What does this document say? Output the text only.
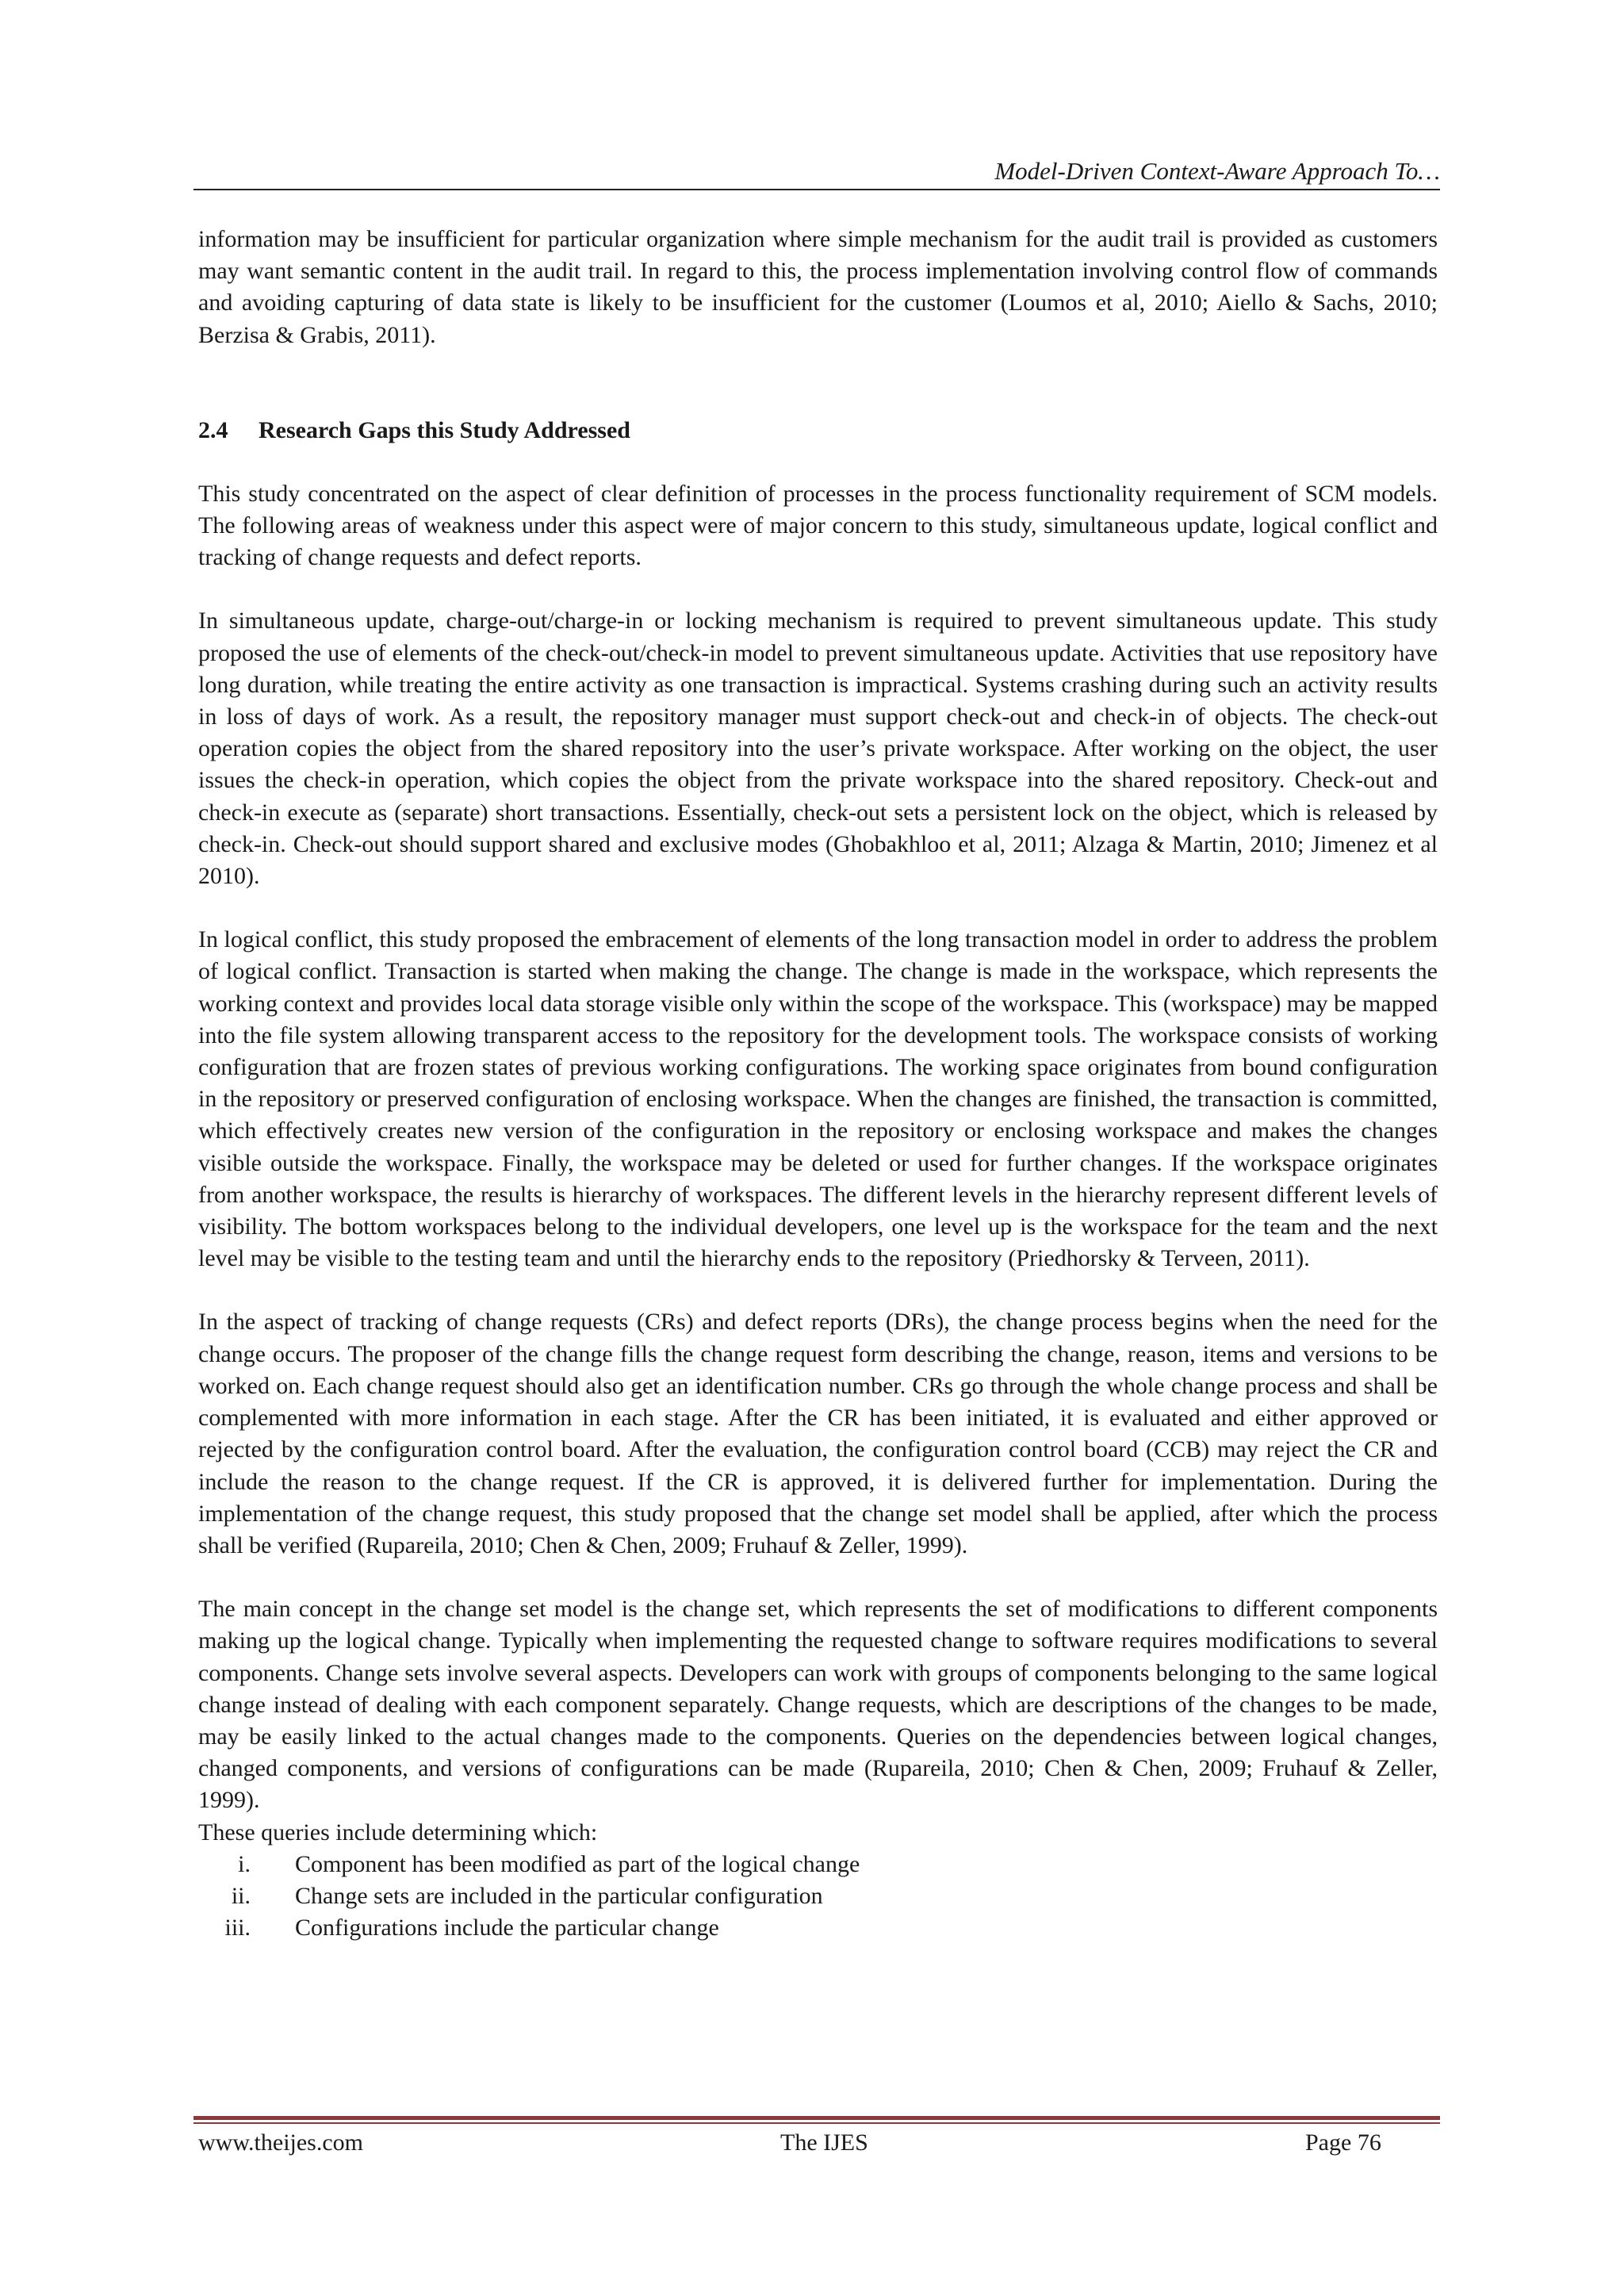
Model-Driven Context-Aware Approach To…

information may be insufficient for particular organization where simple mechanism for the audit trail is provided as customers may want semantic content in the audit trail. In regard to this, the process implementation involving control flow of commands and avoiding capturing of data state is likely to be insufficient for the customer (Loumos et al, 2010; Aiello & Sachs, 2010; Berzisa & Grabis, 2011).

2.4 Research Gaps this Study Addressed

This study concentrated on the aspect of clear definition of processes in the process functionality requirement of SCM models. The following areas of weakness under this aspect were of major concern to this study, simultaneous update, logical conflict and tracking of change requests and defect reports.

In simultaneous update, charge-out/charge-in or locking mechanism is required to prevent simultaneous update. This study proposed the use of elements of the check-out/check-in model to prevent simultaneous update. Activities that use repository have long duration, while treating the entire activity as one transaction is impractical. Systems crashing during such an activity results in loss of days of work. As a result, the repository manager must support check-out and check-in of objects. The check-out operation copies the object from the shared repository into the user’s private workspace. After working on the object, the user issues the check-in operation, which copies the object from the private workspace into the shared repository. Check-out and check-in execute as (separate) short transactions. Essentially, check-out sets a persistent lock on the object, which is released by check-in. Check-out should support shared and exclusive modes (Ghobakhloo et al, 2011; Alzaga & Martin, 2010; Jimenez et al 2010).

In logical conflict, this study proposed the embracement of elements of the long transaction model in order to address the problem of logical conflict. Transaction is started when making the change. The change is made in the workspace, which represents the working context and provides local data storage visible only within the scope of the workspace. This (workspace) may be mapped into the file system allowing transparent access to the repository for the development tools. The workspace consists of working configuration that are frozen states of previous working configurations. The working space originates from bound configuration in the repository or preserved configuration of enclosing workspace. When the changes are finished, the transaction is committed, which effectively creates new version of the configuration in the repository or enclosing workspace and makes the changes visible outside the workspace. Finally, the workspace may be deleted or used for further changes. If the workspace originates from another workspace, the results is hierarchy of workspaces. The different levels in the hierarchy represent different levels of visibility. The bottom workspaces belong to the individual developers, one level up is the workspace for the team and the next level may be visible to the testing team and until the hierarchy ends to the repository (Priedhorsky & Terveen, 2011).

In the aspect of tracking of change requests (CRs) and defect reports (DRs), the change process begins when the need for the change occurs. The proposer of the change fills the change request form describing the change, reason, items and versions to be worked on. Each change request should also get an identification number. CRs go through the whole change process and shall be complemented with more information in each stage. After the CR has been initiated, it is evaluated and either approved or rejected by the configuration control board. After the evaluation, the configuration control board (CCB) may reject the CR and include the reason to the change request. If the CR is approved, it is delivered further for implementation. During the implementation of the change request, this study proposed that the change set model shall be applied, after which the process shall be verified (Rupareila, 2010; Chen & Chen, 2009; Fruhauf & Zeller, 1999).

The main concept in the change set model is the change set, which represents the set of modifications to different components making up the logical change. Typically when implementing the requested change to software requires modifications to several components. Change sets involve several aspects. Developers can work with groups of components belonging to the same logical change instead of dealing with each component separately. Change requests, which are descriptions of the changes to be made, may be easily linked to the actual changes made to the components. Queries on the dependencies between logical changes, changed components, and versions of configurations can be made (Rupareila, 2010; Chen & Chen, 2009; Fruhauf & Zeller, 1999).

These queries include determining which:

i. Component has been modified as part of the logical change
ii. Change sets are included in the particular configuration
iii. Configurations include the particular change
www.theijes.com	The IJES	Page 76
